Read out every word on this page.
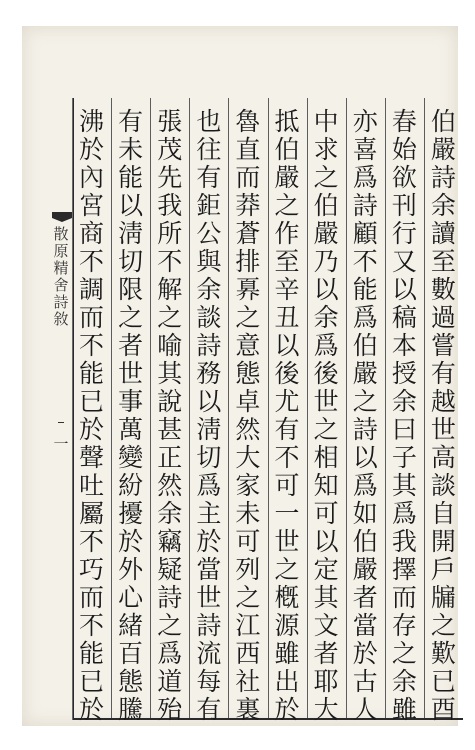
散
原
精
舍
詩
敘
一
伯
嚴
詩
余
讀
至
數
過
嘗
有
越
世
高
談
自
開
戶
牖
之
歎
已
酉
春
始
欲
刊
行
又
以
稿
本
授
余
曰
子
其
爲
我
擇
而
存
之
余
雖
亦
喜
爲
詩
顧
不
能
爲
伯
嚴
之
詩
以
爲
如
伯
嚴
者
當
於
古
人
中
求
之
伯
嚴
乃
以
余
爲
後
世
之
相
知
可
以
定
其
文
者
耶
大
抵
伯
嚴
之
作
至
辛
丑
以
後
尤
有
不
可
一
世
之
槪
源
雖
出
於
魯
直
而
莽
蒼
排
奡
之
意
態
卓
然
大
家
未
可
列
之
江
西
社
裏
也
往
有
鉅
公
與
余
談
詩
務
以
淸
切
爲
主
於
當
世
詩
流
每
有
張
茂
先
我
所
不
解
之
喻
其
說
甚
正
然
余
竊
疑
詩
之
爲
道
殆
有
未
能
以
淸
切
限
之
者
世
事
萬
變
紛
擾
於
外
心
緒
百
態
騰
沸
於
內
宮
商
不
調
而
不
能
已
於
聲
吐
屬
不
巧
而
不
能
已
於
